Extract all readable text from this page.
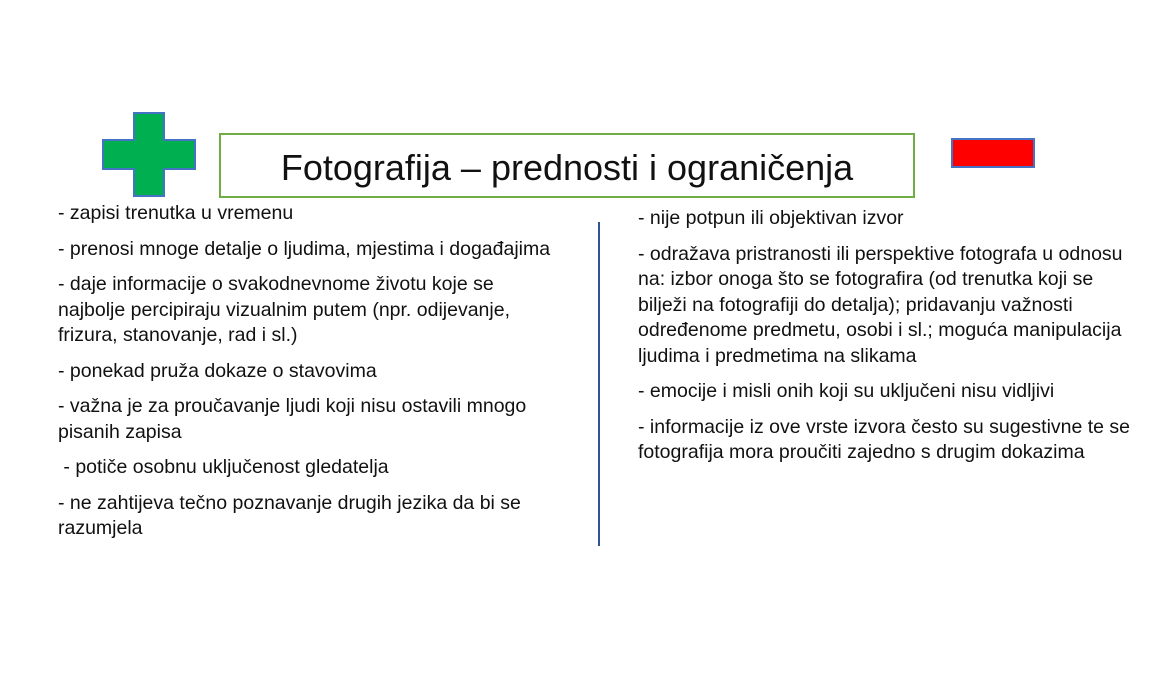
Fotografija – prednosti i ograničenja

- zapisi trenutka u vremenu

- prenosi mnoge detalje o ljudima, mjestima i događajima

- daje informacije o svakodnevnome životu koje se najbolje percipiraju vizualnim putem (npr. odijevanje, frizura, stanovanje, rad i sl.)

- ponekad pruža dokaze o stavovima

- važna je za proučavanje ljudi koji nisu ostavili mnogo pisanih zapisa

- potiče osobnu uključenost gledatelja

- ne zahtijeva tečno poznavanje drugih jezika da bi se razumjela

- nije potpun ili objektivan izvor

- odražava pristranosti ili perspektive fotografa u odnosu na: izbor onoga što se fotografira (od trenutka koji se bilježi na fotografiji do detalja); pridavanju važnosti određenome predmetu, osobi i sl.; moguća manipulacija ljudima i predmetima na slikama

- emocije i misli onih koji su uključeni nisu vidljivi

- informacije iz ove vrste izvora često su sugestivne te se fotografija mora proučiti zajedno s drugim dokazima
